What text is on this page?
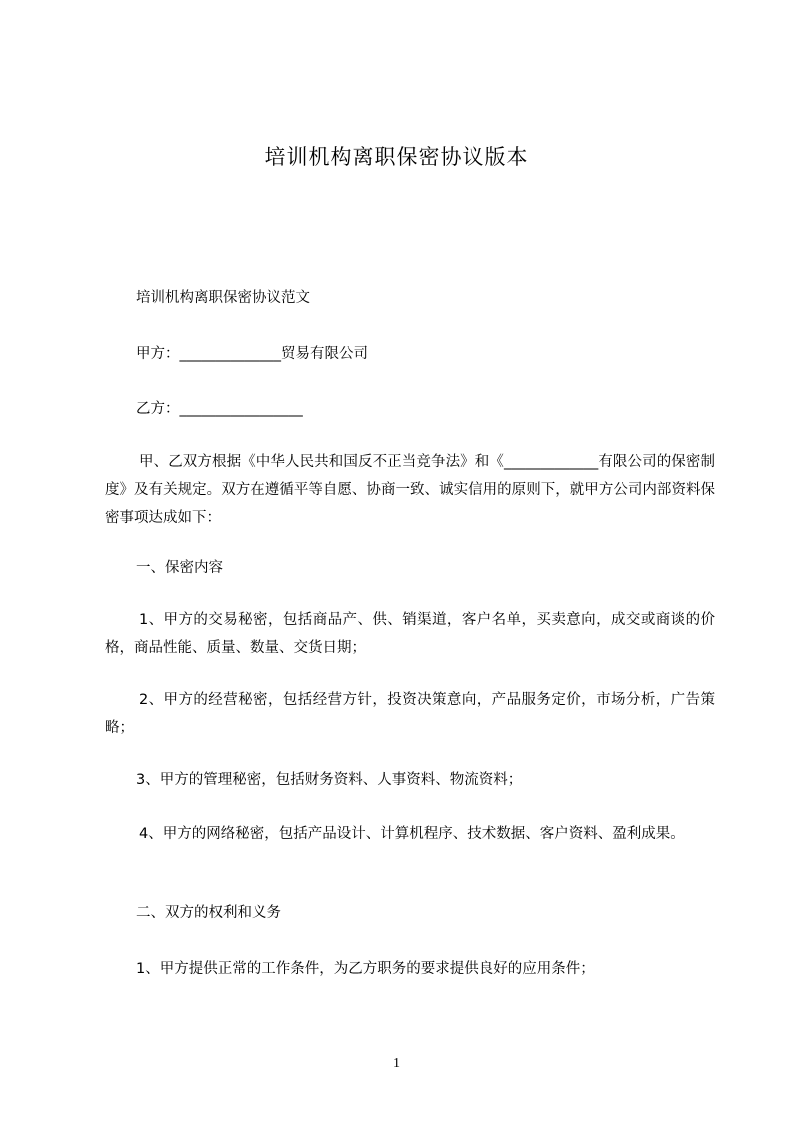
培训机构离职保密协议版本

培训机构离职保密协议范文

甲方：______________贸易有限公司

乙方：_________________

甲、乙双方根据《中华人民共和国反不正当竞争法》和《_____________有限公司的保密制度》及有关规定。双方在遵循平等自愿、协商一致、诚实信用的原则下，就甲方公司内部资料保密事项达成如下：

一、保密内容

1、甲方的交易秘密，包括商品产、供、销渠道，客户名单，买卖意向，成交或商谈的价格，商品性能、质量、数量、交货日期；

2、甲方的经营秘密，包括经营方针，投资决策意向，产品服务定价，市场分析，广告策略；

3、甲方的管理秘密，包括财务资料、人事资料、物流资料；

4、甲方的网络秘密，包括产品设计、计算机程序、技术数据、客户资料、盈利成果。

二、双方的权利和义务

1、甲方提供正常的工作条件，为乙方职务的要求提供良好的应用条件；

1
